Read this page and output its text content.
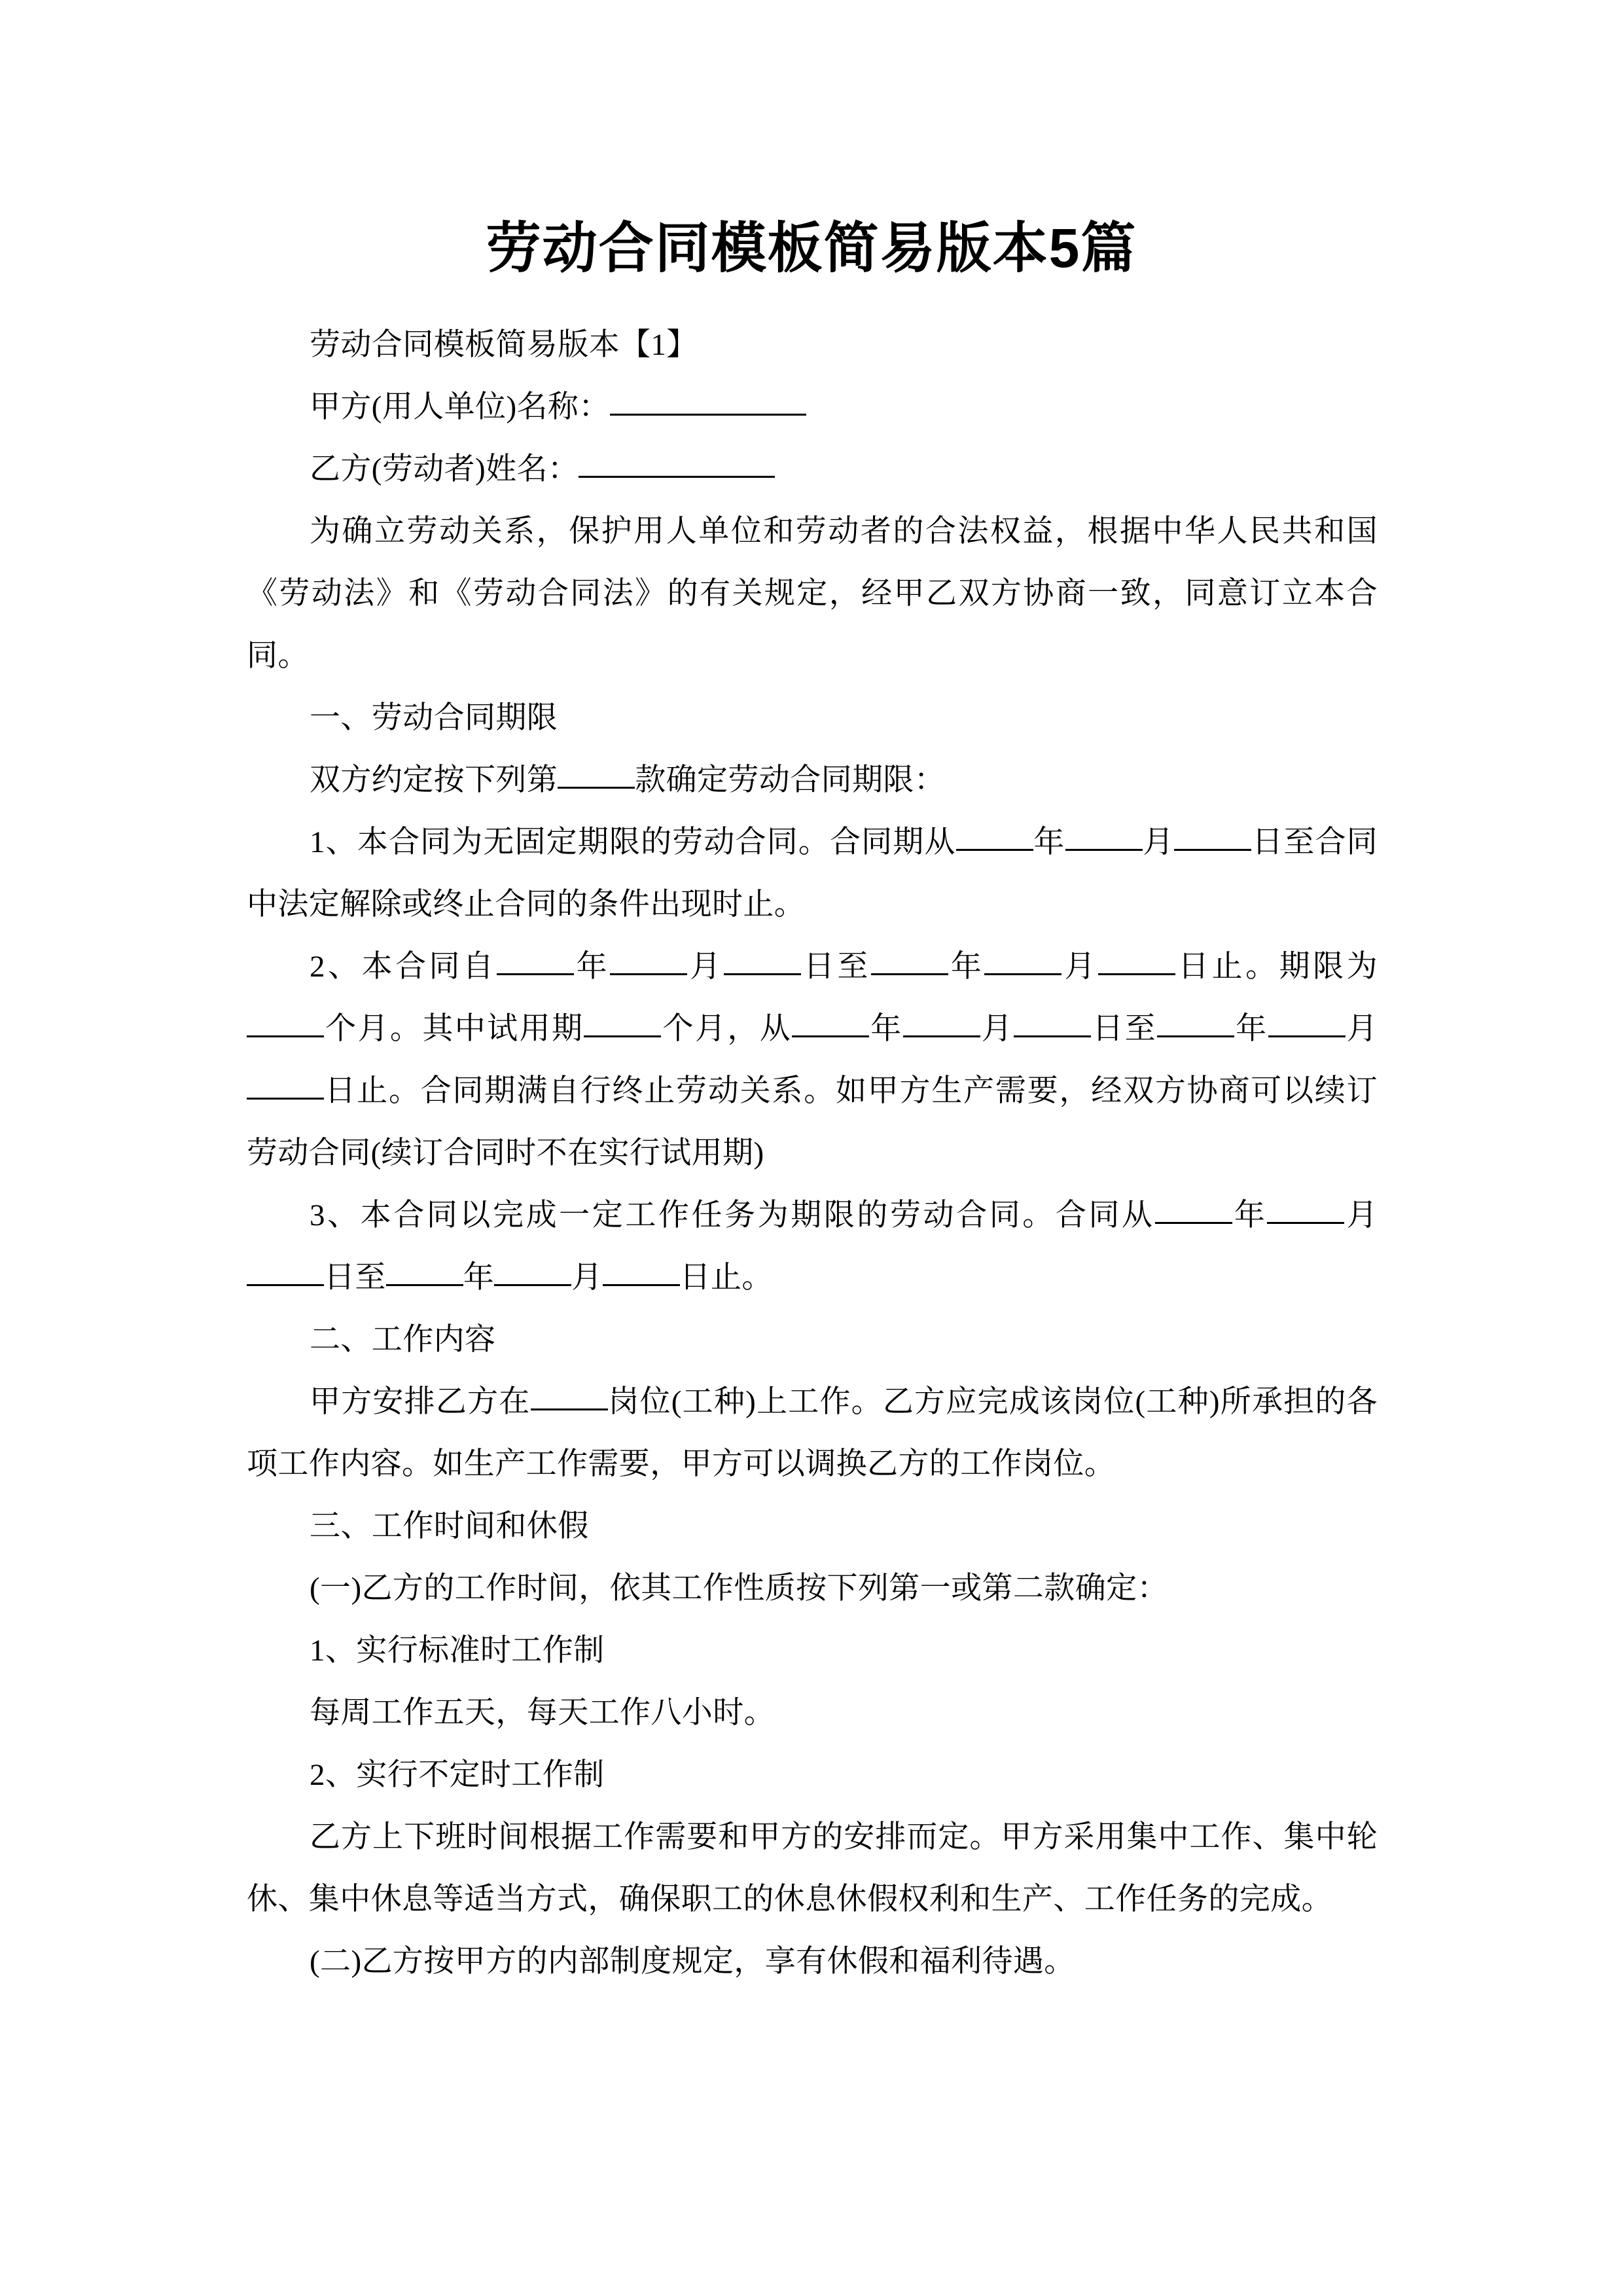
劳动合同模板简易版本5篇

劳动合同模板简易版本【1】

甲方(用人单位)名称：

乙方(劳动者)姓名：

为确立劳动关系，保护用人单位和劳动者的合法权益，根据中华人民共和国《劳动法》和《劳动合同法》的有关规定，经甲乙双方协商一致，同意订立本合同。

一、劳动合同期限

双方约定按下列第	款确定劳动合同期限：

1、本合同为无固定期限的劳动合同。合同期从	年	月	日至合同中法定解除或终止合同的条件出现时止。

2、本合同自	年	月	日至	年	月	日止。期限为个月。其中试用期	个月，从	年	月	日至	年	月日止。合同期满自行终止劳动关系。如甲方生产需要，经双方协商可以续订劳动合同(续订合同时不在实行试用期)

3、本合同以完成一定工作任务为期限的劳动合同。合同从	年	月日至	年	月	日止。

二、工作内容

甲方安排乙方在	岗位(工种)上工作。乙方应完成该岗位(工种)所承担的各项工作内容。如生产工作需要，甲方可以调换乙方的工作岗位。

三、工作时间和休假

(一)乙方的工作时间，依其工作性质按下列第一或第二款确定：

1、实行标准时工作制

每周工作五天，每天工作八小时。

2、实行不定时工作制

乙方上下班时间根据工作需要和甲方的安排而定。甲方采用集中工作、集中轮休、集中休息等适当方式，确保职工的休息休假权利和生产、工作任务的完成。

(二)乙方按甲方的内部制度规定，享有休假和福利待遇。
